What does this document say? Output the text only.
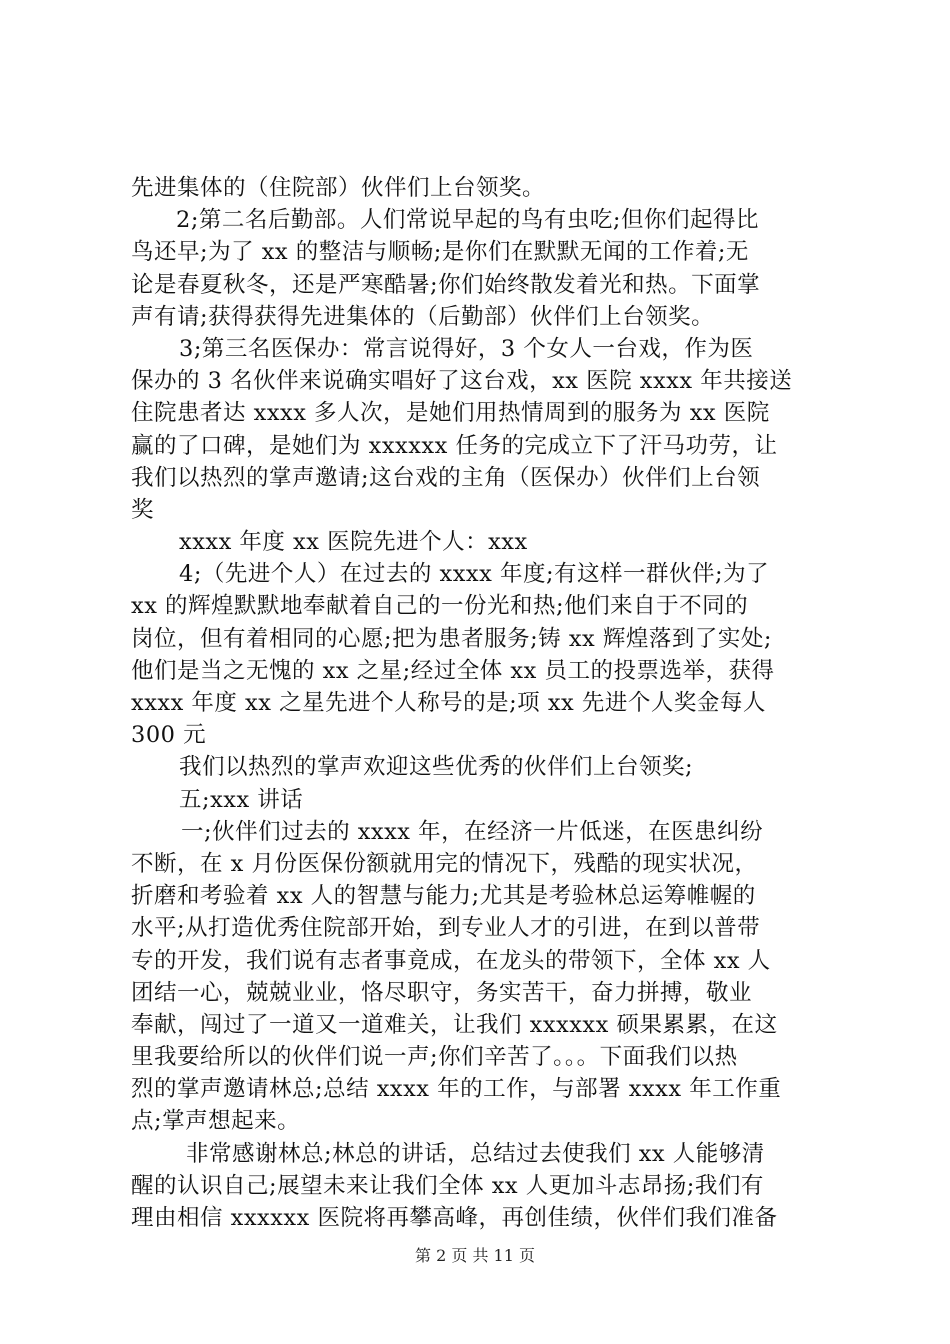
先进集体的（住院部）伙伴们上台领奖。
2;第二名后勤部。人们常说早起的鸟有虫吃;但你们起得比
鸟还早;为了 xx 的整洁与顺畅;是你们在默默无闻的工作着;无
论是春夏秋冬，还是严寒酷暑;你们始终散发着光和热。下面掌
声有请;获得获得先进集体的（后勤部）伙伴们上台领奖。
3;第三名医保办：常言说得好，3 个女人一台戏，作为医
保办的 3 名伙伴来说确实唱好了这台戏，xx 医院 xxxx 年共接送
住院患者达 xxxx 多人次，是她们用热情周到的服务为 xx 医院
赢的了口碑，是她们为 xxxxxx 任务的完成立下了汗马功劳，让
我们以热烈的掌声邀请;这台戏的主角（医保办）伙伴们上台领
奖
xxxx 年度 xx 医院先进个人：xxx
4;（先进个人）在过去的 xxxx 年度;有这样一群伙伴;为了
xx 的辉煌默默地奉献着自己的一份光和热;他们来自于不同的
岗位，但有着相同的心愿;把为患者服务;铸 xx 辉煌落到了实处;
他们是当之无愧的 xx 之星;经过全体 xx 员工的投票选举，获得
xxxx 年度 xx 之星先进个人称号的是;项 xx 先进个人奖金每人
300 元
我们以热烈的掌声欢迎这些优秀的伙伴们上台领奖;
五;xxx 讲话
一;伙伴们过去的 xxxx 年，在经济一片低迷，在医患纠纷
不断，在 x 月份医保份额就用完的情况下，残酷的现实状况，
折磨和考验着 xx 人的智慧与能力;尤其是考验林总运筹帷幄的
水平;从打造优秀住院部开始，到专业人才的引进，在到以普带
专的开发，我们说有志者事竟成，在龙头的带领下，全体 xx 人
团结一心，兢兢业业，恪尽职守，务实苦干，奋力拼搏，敬业
奉献，闯过了一道又一道难关，让我们 xxxxxx 硕果累累，在这
里我要给所以的伙伴们说一声;你们辛苦了。。。下面我们以热
烈的掌声邀请林总;总结 xxxx 年的工作，与部署 xxxx 年工作重
点;掌声想起来。
非常感谢林总;林总的讲话，总结过去使我们 xx 人能够清
醒的认识自己;展望未来让我们全体 xx 人更加斗志昂扬;我们有
理由相信 xxxxxx 医院将再攀高峰，再创佳绩，伙伴们我们准备
第 2 页 共 11 页
